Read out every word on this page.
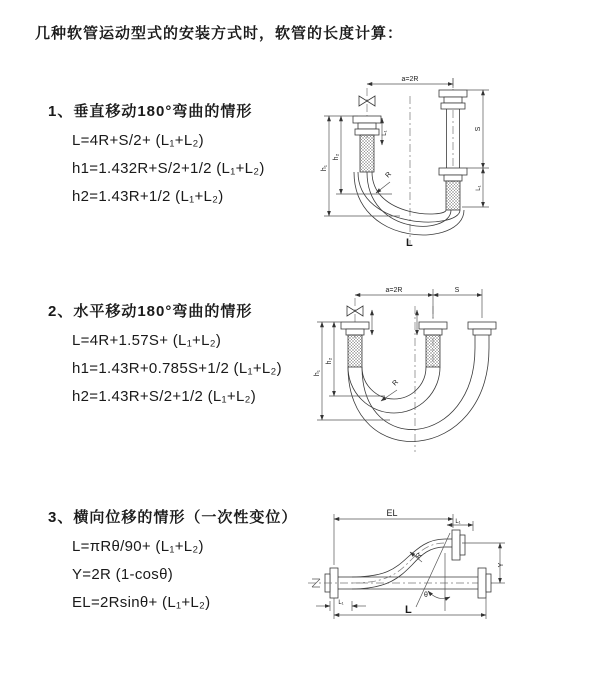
几种软管运动型式的安装方式时，软管的长度计算：
1、垂直移动180°弯曲的情形
L=4R+S/2+ (L₁+L₂)
h1=1.432R+S/2+1/2 (L₁+L₂)
h2=1.43R+1/2 (L₁+L₂)
2、水平移动180°弯曲的情形
L=4R+1.57S+ (L₁+L₂)
h1=1.43R+0.785S+1/2 (L₁+L₂)
h2=1.43R+S/2+1/2 (L₁+L₂)
3、横向位移的情形（一次性变位）
L=πRθ/90+ (L₁+L₂)
Y=2R (1-cosθ)
EL=2Rsinθ+ (L₁+L₂)
a=2R
R
L
h₁
h₂
L₁
S
L₁
a=2R	S
h₁
h₂
R
EL
L₁
θ
R
Y
L
L₁
